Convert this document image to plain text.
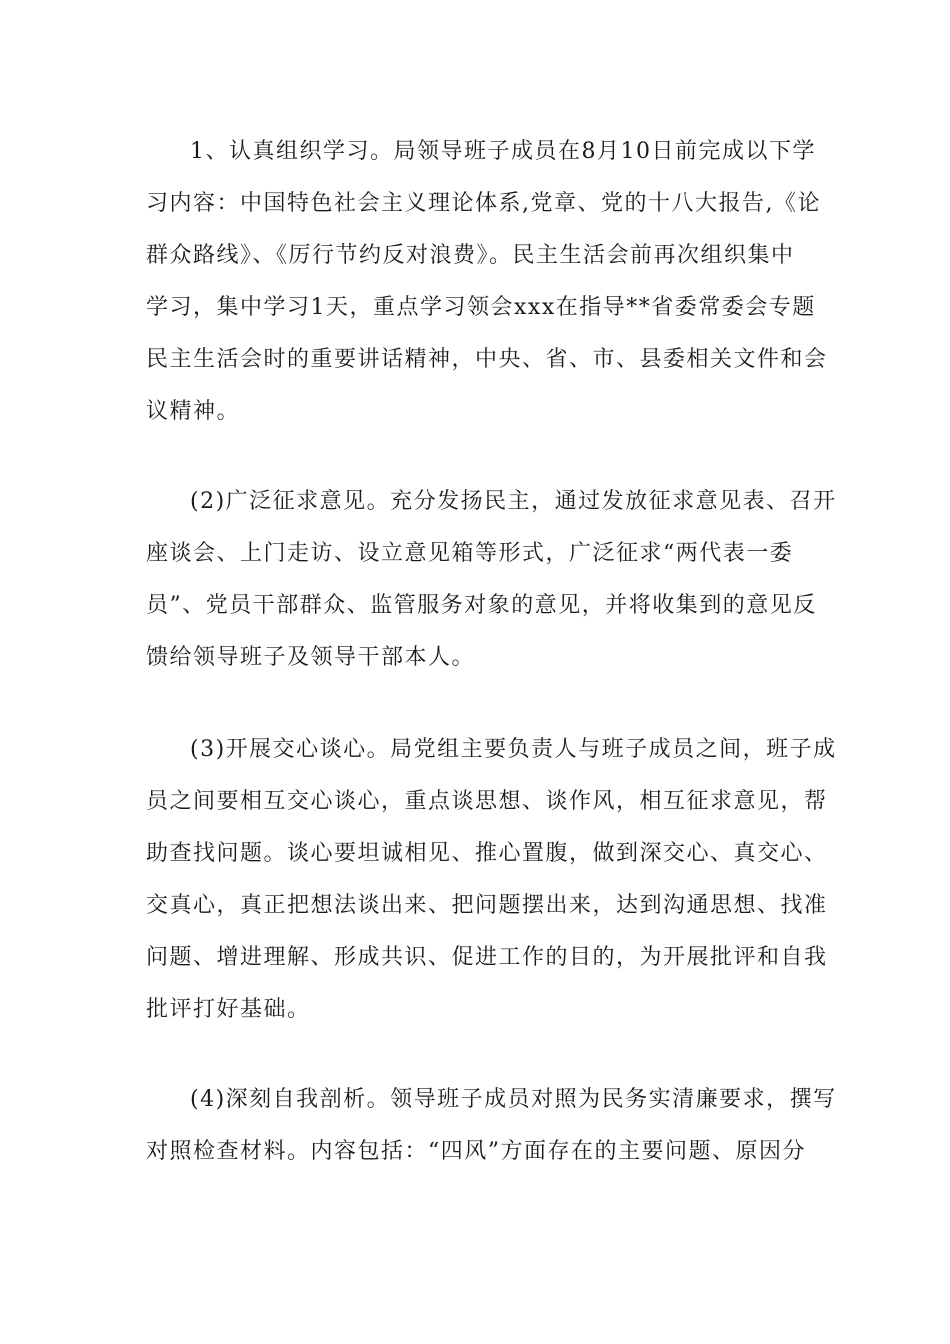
1、认真组织学习。局领导班子成员在8月10日前完成以下学
习内容：中国特色社会主义理论体系,党章、党的十八大报告,《论
群众路线》、《厉行节约反对浪费》。民主生活会前再次组织集中
学习，集中学习1天，重点学习领会xxx在指导**省委常委会专题
民主生活会时的重要讲话精神，中央、省、市、县委相关文件和会
议精神。
(2)广泛征求意见。充分发扬民主，通过发放征求意见表、召开
座谈会、上门走访、设立意见箱等形式，广泛征求“两代表一委
员”、党员干部群众、监管服务对象的意见，并将收集到的意见反
馈给领导班子及领导干部本人。
(3)开展交心谈心。局党组主要负责人与班子成员之间，班子成
员之间要相互交心谈心，重点谈思想、谈作风，相互征求意见，帮
助查找问题。谈心要坦诚相见、推心置腹，做到深交心、真交心、
交真心，真正把想法谈出来、把问题摆出来，达到沟通思想、找准
问题、增进理解、形成共识、促进工作的目的，为开展批评和自我
批评打好基础。
(4)深刻自我剖析。领导班子成员对照为民务实清廉要求，撰写
对照检查材料。内容包括：“四风”方面存在的主要问题、原因分
